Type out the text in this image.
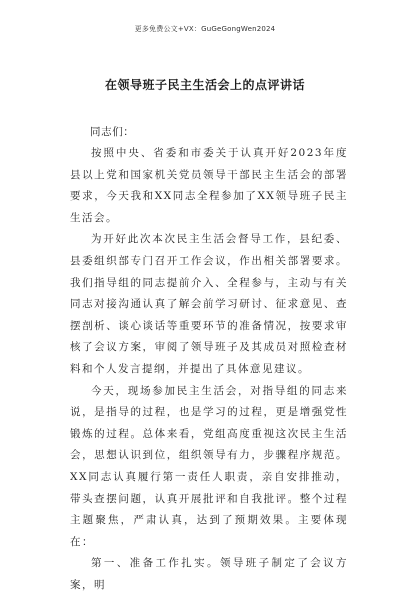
更多免费公文+VX：GuGeGongWen2024
在领导班子民主生活会上的点评讲话

同志们：

按照中央、省委和市委关于认真开好2023年度县以上党和国家机关党员领导干部民主生活会的部署要求，今天我和XX同志全程参加了XX领导班子民主生活会。

为开好此次本次民主生活会督导工作，县纪委、县委组织部专门召开工作会议，作出相关部署要求。我们指导组的同志提前介入、全程参与，主动与有关同志对接沟通认真了解会前学习研讨、征求意见、查摆剖析、谈心谈话等重要环节的准备情况，按要求审核了会议方案，审阅了领导班子及其成员对照检查材料和个人发言提纲，并提出了具体意见建议。

今天，现场参加民主生活会，对指导组的同志来说，是指导的过程，也是学习的过程，更是增强党性锻炼的过程。总体来看，党组高度重视这次民主生活会，思想认识到位，组织领导有力，步骤程序规范。XX同志认真履行第一责任人职责，亲自安排推动，带头查摆问题，认真开展批评和自我批评。整个过程主题聚焦，严肃认真，达到了预期效果。主要体现在：

第一、准备工作扎实。领导班子制定了会议方案，明
